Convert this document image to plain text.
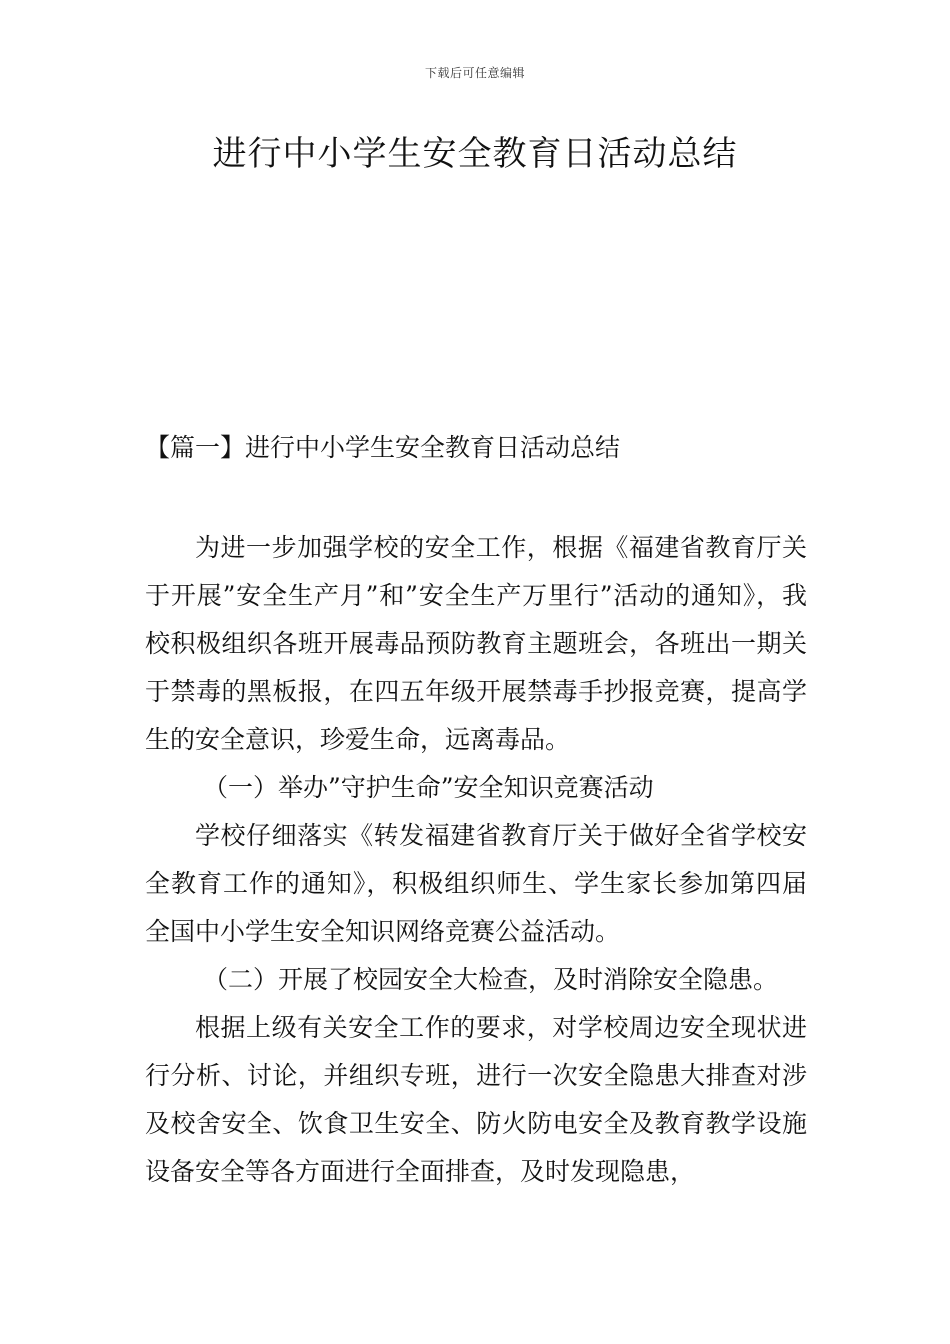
下载后可任意编辑
进行中小学生安全教育日活动总结
【篇一】进行中小学生安全教育日活动总结

为进一步加强学校的安全工作，根据《福建省教育厅关于开展”安全生产月”和”安全生产万里行”活动的通知》，我校积极组织各班开展毒品预防教育主题班会，各班出一期关于禁毒的黑板报，在四五年级开展禁毒手抄报竞赛，提高学生的安全意识，珍爱生命，远离毒品。

（一）举办”守护生命”安全知识竞赛活动

学校仔细落实《转发福建省教育厅关于做好全省学校安全教育工作的通知》，积极组织师生、学生家长参加第四届全国中小学生安全知识网络竞赛公益活动。

（二）开展了校园安全大检查，及时消除安全隐患。

根据上级有关安全工作的要求，对学校周边安全现状进行分析、讨论，并组织专班，进行一次安全隐患大排查对涉及校舍安全、饮食卫生安全、防火防电安全及教育教学设施设备安全等各方面进行全面排查，及时发现隐患，
